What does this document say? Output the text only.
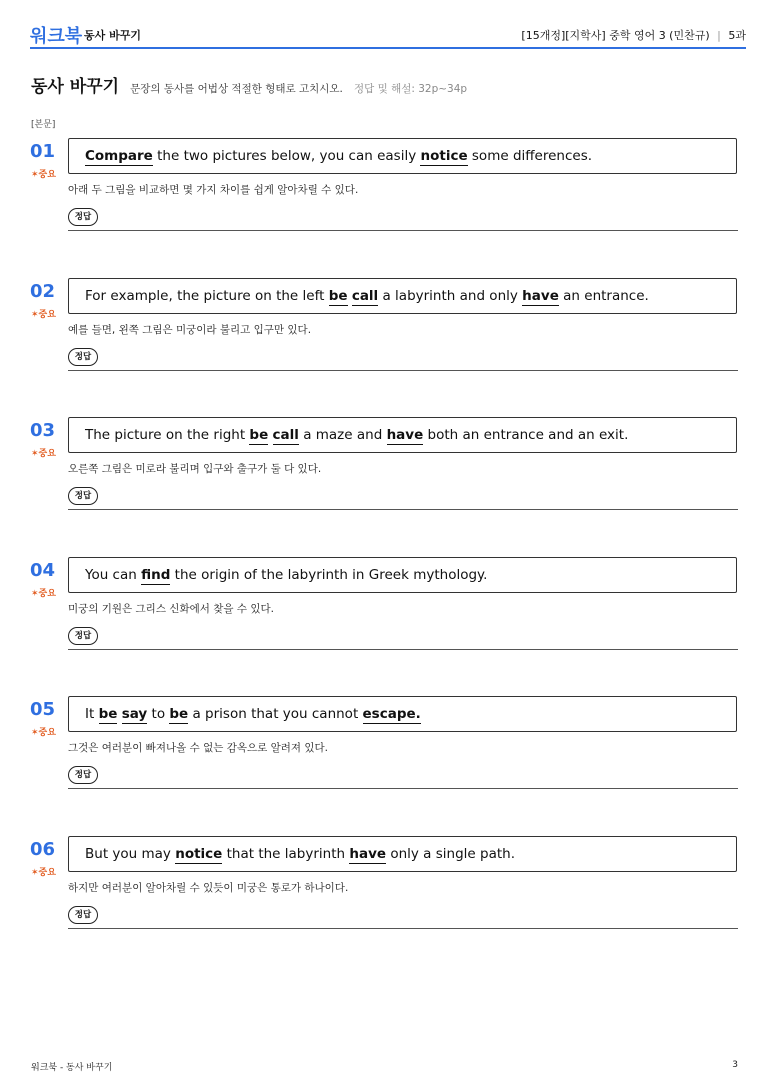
워크북 동사 바꾸기	[15개정][지학사] 중학 영어 3 (민찬규) | 5과
동사 바꾸기 문장의 동사를 어법상 적절한 형태로 고치시오. 정답 및 해설: 32p~34p
[본문]
01
✶중요
Compare the two pictures below, you can easily notice some differences.
아래 두 그림을 비교하면 몇 가지 차이를 쉽게 알아차릴 수 있다.
정답
02
✶중요
For example, the picture on the left be call a labyrinth and only have an entrance.
예를 들면, 왼쪽 그림은 미궁이라 불리고 입구만 있다.
정답
03
✶중요
The picture on the right be call a maze and have both an entrance and an exit.
오른쪽 그림은 미로라 불리며 입구와 출구가 둘 다 있다.
정답
04
✶중요
You can find the origin of the labyrinth in Greek mythology.
미궁의 기원은 그리스 신화에서 찾을 수 있다.
정답
05
✶중요
It be say to be a prison that you cannot escape.
그것은 여러분이 빠져나올 수 없는 감옥으로 알려져 있다.
정답
06
✶중요
But you may notice that the labyrinth have only a single path.
하지만 여러분이 알아차릴 수 있듯이 미궁은 통로가 하나이다.
정답
워크북 - 동사 바꾸기	3
